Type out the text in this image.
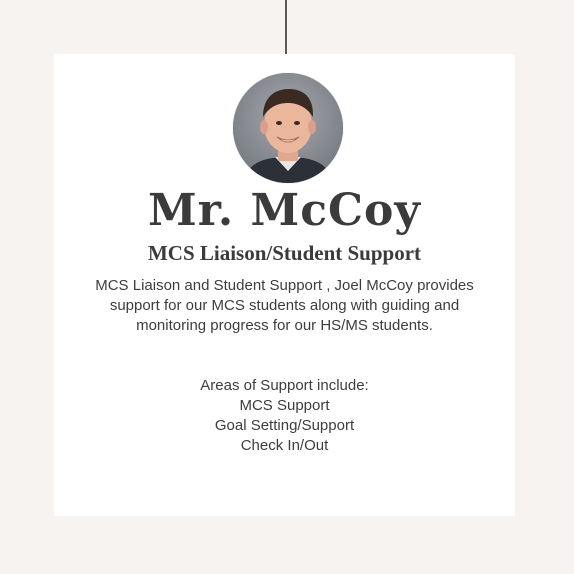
Mr. McCoy
MCS Liaison/Student Support

MCS Liaison and Student Support , Joel McCoy provides support for our MCS students along with guiding and monitoring progress for our HS/MS students.

Areas of Support include:
MCS Support
Goal Setting/Support
Check In/Out
